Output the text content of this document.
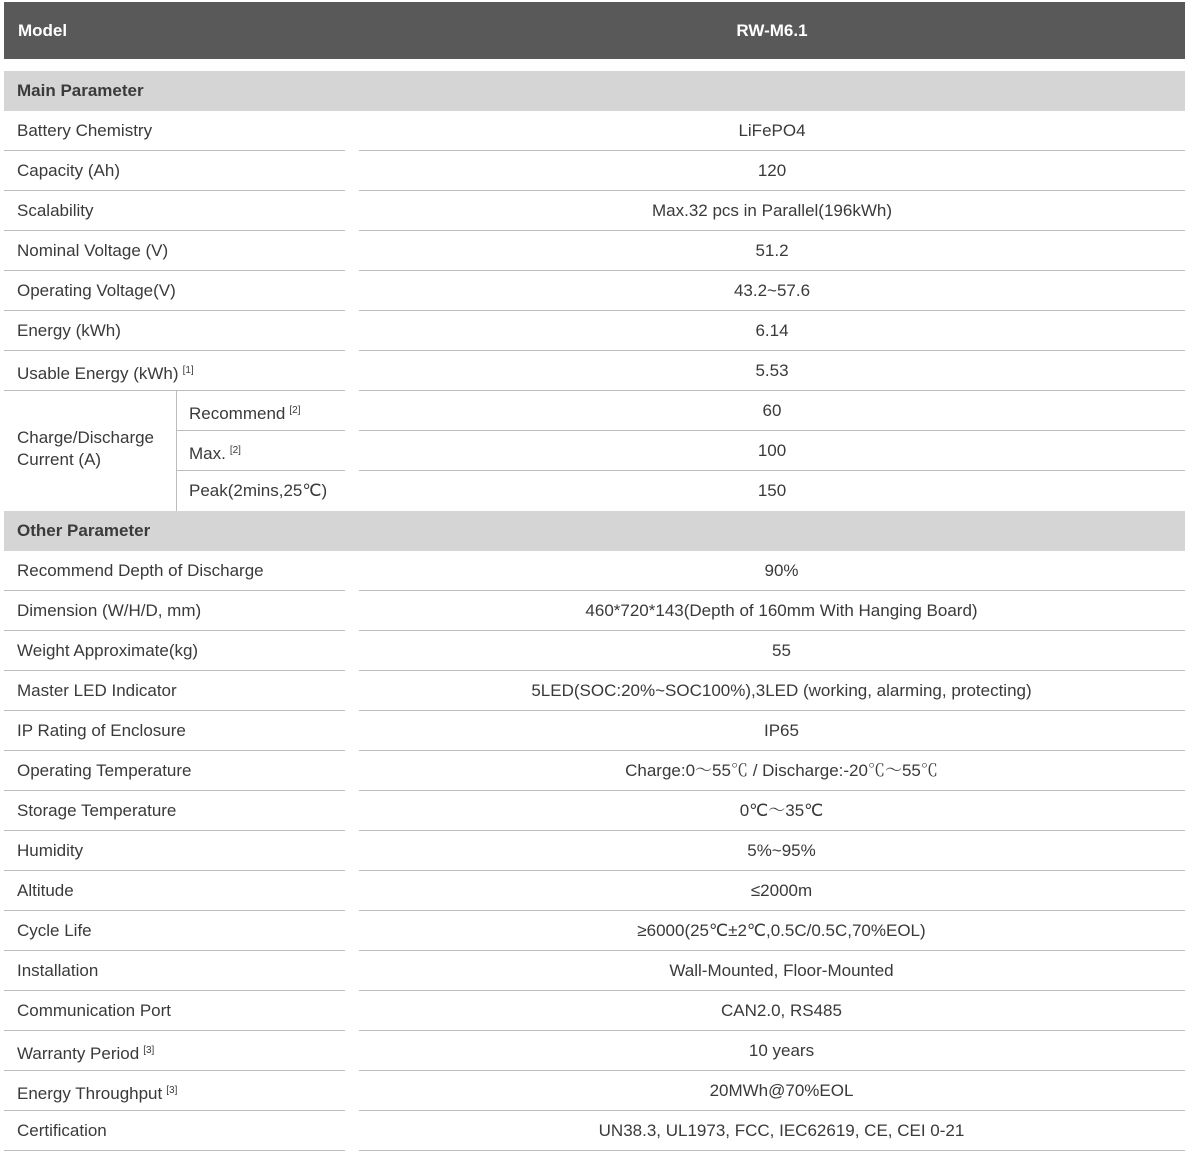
Model	RW-M6.1
Main Parameter
Battery Chemistry	LiFePO4
Capacity (Ah)	120
Scalability	Max.32 pcs in Parallel(196kWh)
Nominal Voltage (V)	51.2
Operating Voltage(V)	43.2~57.6
Energy (kWh)	6.14
Usable Energy (kWh) [1]	5.53
Charge/Discharge
Current (A)
Recommend [2]	60
Max. [2]	100
Peak(2mins,25℃)	150
Other Parameter
Recommend Depth of Discharge	90%
Dimension (W/H/D, mm)	460*720*143(Depth of 160mm With Hanging Board)
Weight Approximate(kg)	55
Master LED Indicator	5LED(SOC:20%~SOC100%),3LED (working, alarming, protecting)
IP Rating of Enclosure	IP65
Operating Temperature	Charge:0～55℃ / Discharge:-20℃～55℃
Storage Temperature	0℃～35℃
Humidity	5%~95%
Altitude	≤2000m
Cycle Life	≥6000(25℃±2℃,0.5C/0.5C,70%EOL)
Installation	Wall-Mounted, Floor-Mounted
Communication Port	CAN2.0, RS485
Warranty Period [3]	10 years
Energy Throughput [3]	20MWh@70%EOL
Certification	UN38.3, UL1973, FCC, IEC62619, CE, CEI 0-21
